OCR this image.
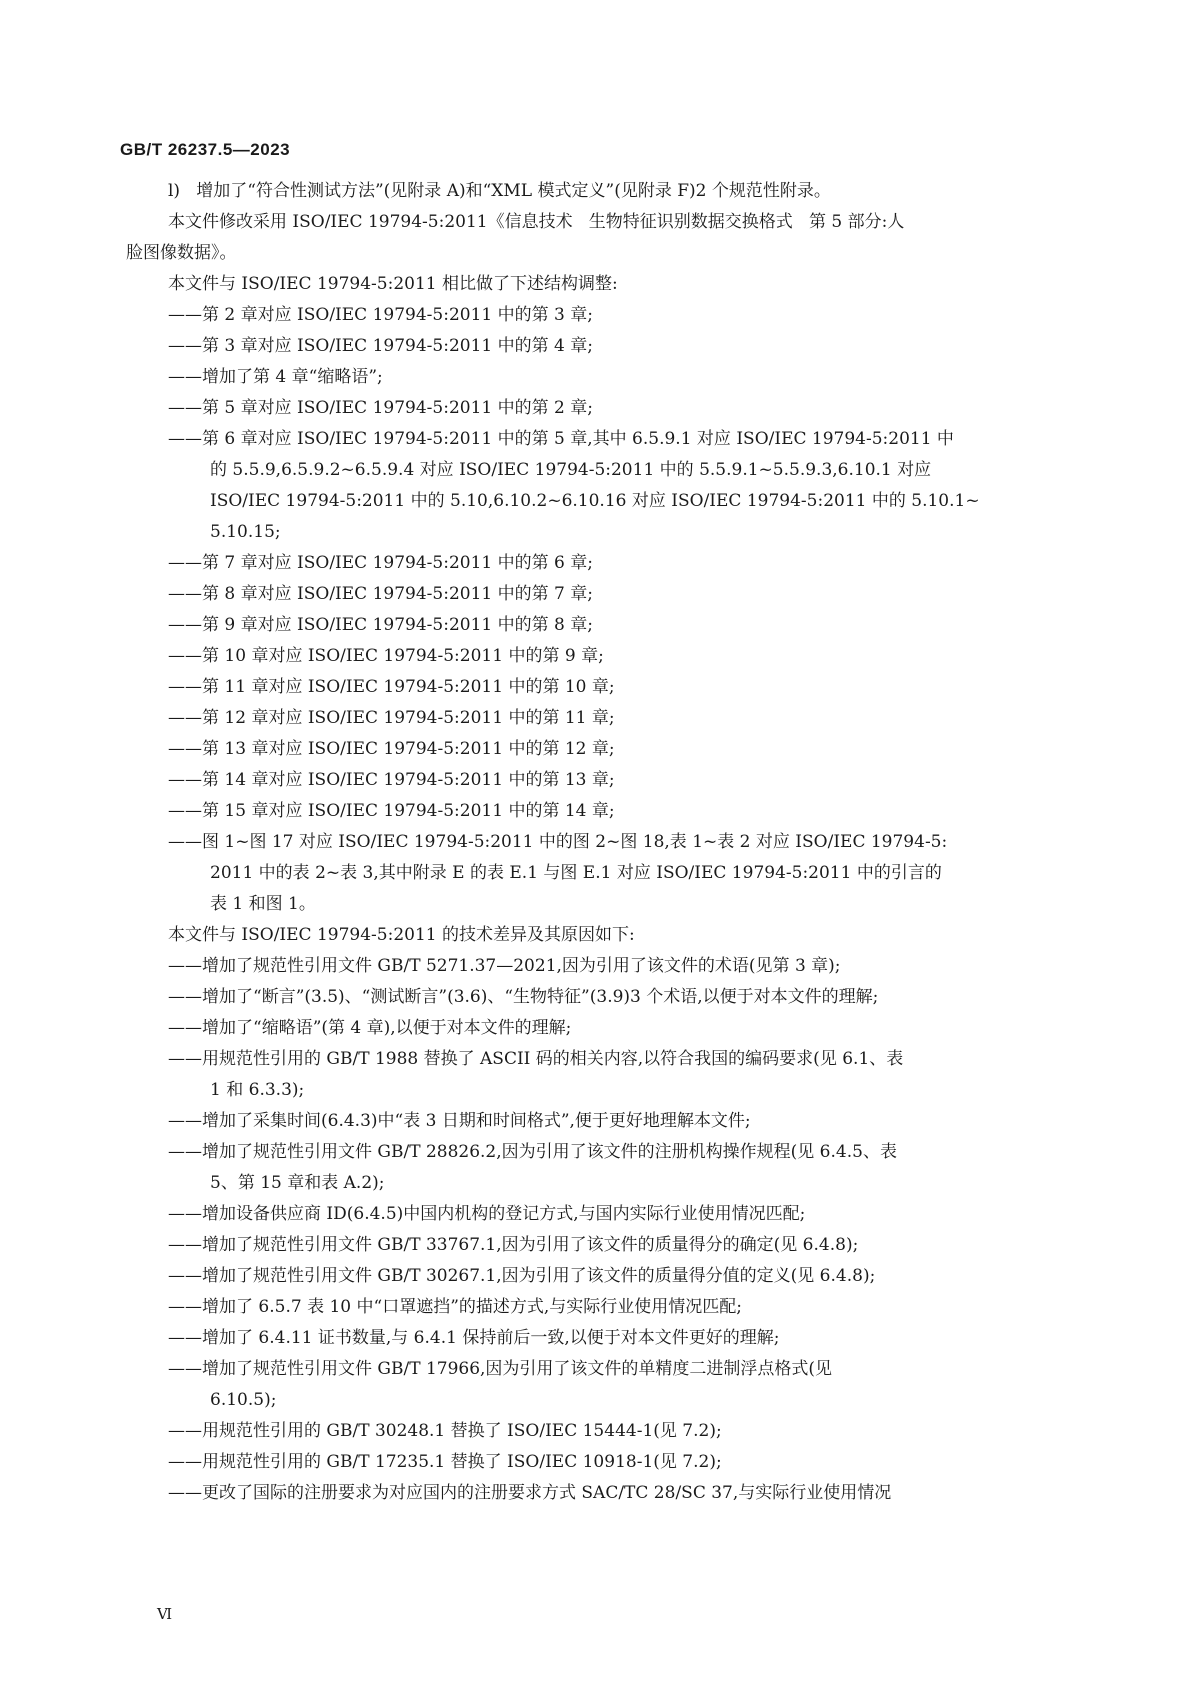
GB/T 26237.5—2023
l)   增加了“符合性测试方法”(见附录 A)和“XML 模式定义”(见附录 F)2 个规范性附录。
本文件修改采用 ISO/IEC 19794-5:2011《信息技术   生物特征识别数据交换格式   第 5 部分:人
脸图像数据》。
本文件与 ISO/IEC 19794-5:2011 相比做了下述结构调整:
——第 2 章对应 ISO/IEC 19794-5:2011 中的第 3 章;
——第 3 章对应 ISO/IEC 19794-5:2011 中的第 4 章;
——增加了第 4 章“缩略语”;
——第 5 章对应 ISO/IEC 19794-5:2011 中的第 2 章;
——第 6 章对应 ISO/IEC 19794-5:2011 中的第 5 章,其中 6.5.9.1 对应 ISO/IEC 19794-5:2011 中
的 5.5.9,6.5.9.2~6.5.9.4 对应 ISO/IEC 19794-5:2011 中的 5.5.9.1~5.5.9.3,6.10.1 对应
ISO/IEC 19794-5:2011 中的 5.10,6.10.2~6.10.16 对应 ISO/IEC 19794-5:2011 中的 5.10.1~
5.10.15;
——第 7 章对应 ISO/IEC 19794-5:2011 中的第 6 章;
——第 8 章对应 ISO/IEC 19794-5:2011 中的第 7 章;
——第 9 章对应 ISO/IEC 19794-5:2011 中的第 8 章;
——第 10 章对应 ISO/IEC 19794-5:2011 中的第 9 章;
——第 11 章对应 ISO/IEC 19794-5:2011 中的第 10 章;
——第 12 章对应 ISO/IEC 19794-5:2011 中的第 11 章;
——第 13 章对应 ISO/IEC 19794-5:2011 中的第 12 章;
——第 14 章对应 ISO/IEC 19794-5:2011 中的第 13 章;
——第 15 章对应 ISO/IEC 19794-5:2011 中的第 14 章;
——图 1~图 17 对应 ISO/IEC 19794-5:2011 中的图 2~图 18,表 1~表 2 对应 ISO/IEC 19794-5:
2011 中的表 2~表 3,其中附录 E 的表 E.1 与图 E.1 对应 ISO/IEC 19794-5:2011 中的引言的
表 1 和图 1。
本文件与 ISO/IEC 19794-5:2011 的技术差异及其原因如下:
——增加了规范性引用文件 GB/T 5271.37—2021,因为引用了该文件的术语(见第 3 章);
——增加了“断言”(3.5)、“测试断言”(3.6)、“生物特征”(3.9)3 个术语,以便于对本文件的理解;
——增加了“缩略语”(第 4 章),以便于对本文件的理解;
——用规范性引用的 GB/T 1988 替换了 ASCII 码的相关内容,以符合我国的编码要求(见 6.1、表
1 和 6.3.3);
——增加了采集时间(6.4.3)中“表 3 日期和时间格式”,便于更好地理解本文件;
——增加了规范性引用文件 GB/T 28826.2,因为引用了该文件的注册机构操作规程(见 6.4.5、表
5、第 15 章和表 A.2);
——增加设备供应商 ID(6.4.5)中国内机构的登记方式,与国内实际行业使用情况匹配;
——增加了规范性引用文件 GB/T 33767.1,因为引用了该文件的质量得分的确定(见 6.4.8);
——增加了规范性引用文件 GB/T 30267.1,因为引用了该文件的质量得分值的定义(见 6.4.8);
——增加了 6.5.7 表 10 中“口罩遮挡”的描述方式,与实际行业使用情况匹配;
——增加了 6.4.11 证书数量,与 6.4.1 保持前后一致,以便于对本文件更好的理解;
——增加了规范性引用文件 GB/T 17966,因为引用了该文件的单精度二进制浮点格式(见
6.10.5);
——用规范性引用的 GB/T 30248.1 替换了 ISO/IEC 15444-1(见 7.2);
——用规范性引用的 GB/T 17235.1 替换了 ISO/IEC 10918-1(见 7.2);
——更改了国际的注册要求为对应国内的注册要求方式 SAC/TC 28/SC 37,与实际行业使用情况
Ⅵ
